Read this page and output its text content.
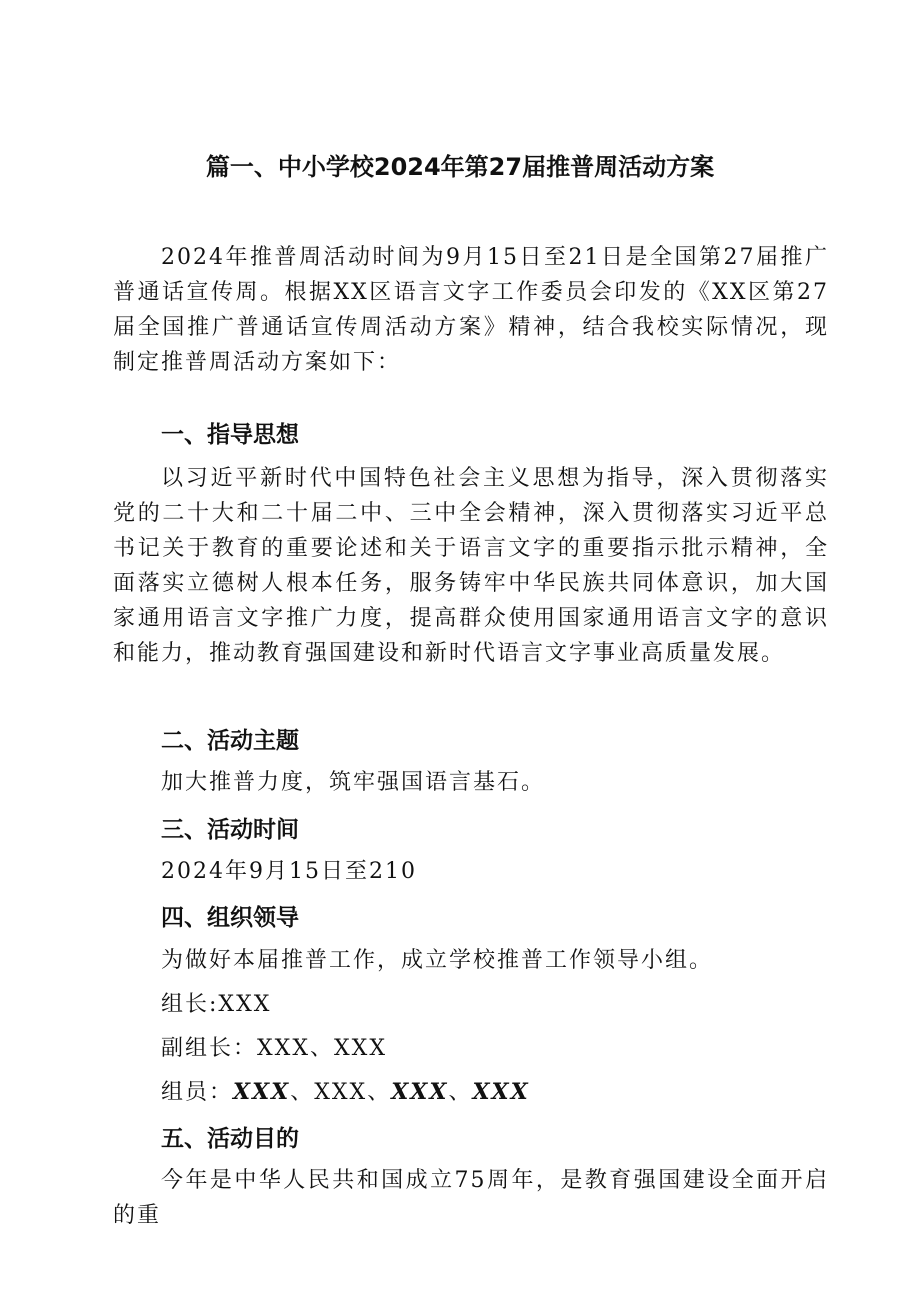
篇一、中小学校2024年第27届推普周活动方案
2024年推普周活动时间为9月15日至21日是全国第27届推广普通话宣传周。根据XX区语言文字工作委员会印发的《XX区第27届全国推广普通话宣传周活动方案》精神，结合我校实际情况，现制定推普周活动方案如下：
一、指导思想
以习近平新时代中国特色社会主义思想为指导，深入贯彻落实党的二十大和二十届二中、三中全会精神，深入贯彻落实习近平总书记关于教育的重要论述和关于语言文字的重要指示批示精神，全面落实立德树人根本任务，服务铸牢中华民族共同体意识，加大国家通用语言文字推广力度，提高群众使用国家通用语言文字的意识和能力，推动教育强国建设和新时代语言文字事业高质量发展。
二、活动主题
加大推普力度，筑牢强国语言基石。
三、活动时间
2024年9月15日至210
四、组织领导
为做好本届推普工作，成立学校推普工作领导小组。
组长:XXX
副组长：XXX、XXX
组员：XXX、XXX、XXX、XXX
五、活动目的
今年是中华人民共和国成立75周年，是教育强国建设全面开启的重
